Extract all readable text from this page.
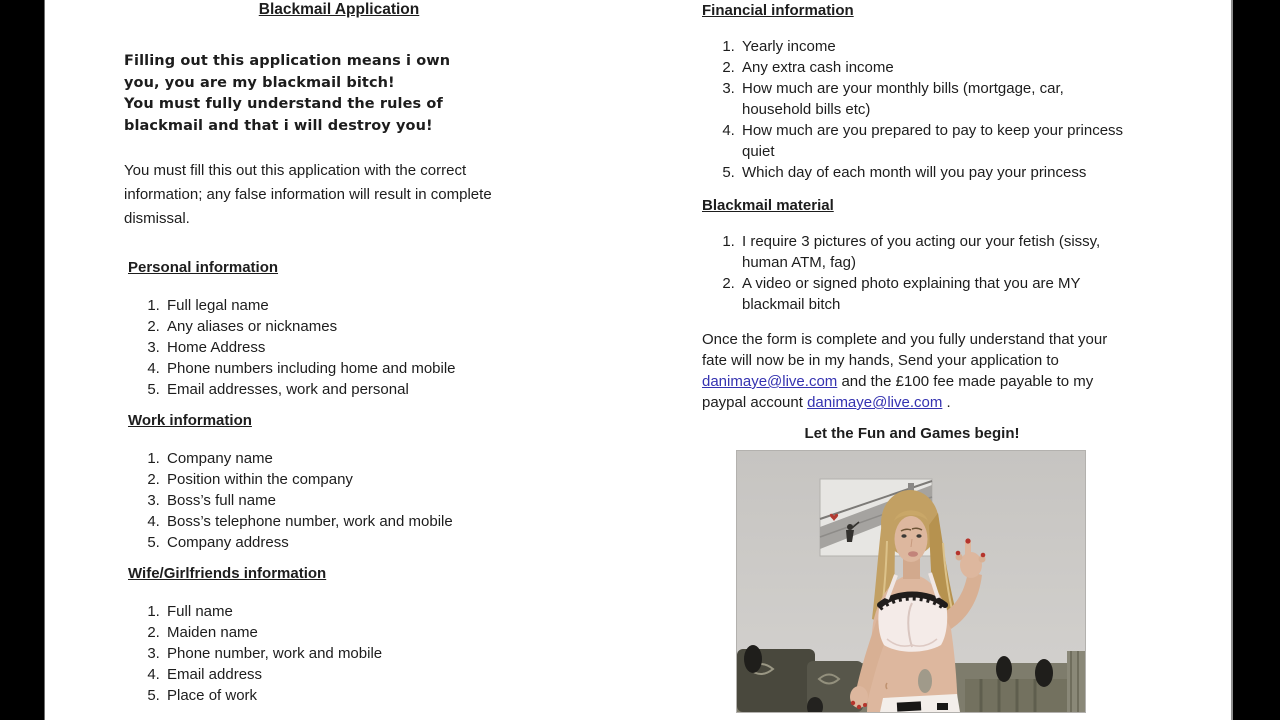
Blackmail Application
Filling out this application means i own
you, you are my blackmail bitch!
You must fully understand the rules of
blackmail and that i will destroy you!
You must fill this out this application with the correct
information; any false information will result in complete
dismissal.
Personal information
1. Full legal name
2. Any aliases or nicknames
3. Home Address
4. Phone numbers including home and mobile
5. Email addresses, work and personal
Work information
1. Company name
2. Position within the company
3. Boss’s full name
4. Boss’s telephone number, work and mobile
5. Company address
Wife/Girlfriends information
1. Full name
2. Maiden name
3. Phone number, work and mobile
4. Email address
5. Place of work
Financial information
1. Yearly income
2. Any extra cash income
3. How much are your monthly bills (mortgage, car, household bills etc)
4. How much are you prepared to pay to keep your princess quiet
5. Which day of each month will you pay your princess
Blackmail material
1. I require 3 pictures of you acting our your fetish (sissy, human ATM, fag)
2. A video or signed photo explaining that you are MY blackmail bitch
Once the form is complete and you fully understand that your fate will now be in my hands, Send your application to danimaye@live.com and the £100 fee made payable to my paypal account danimaye@live.com .
Let the Fun and Games begin!
